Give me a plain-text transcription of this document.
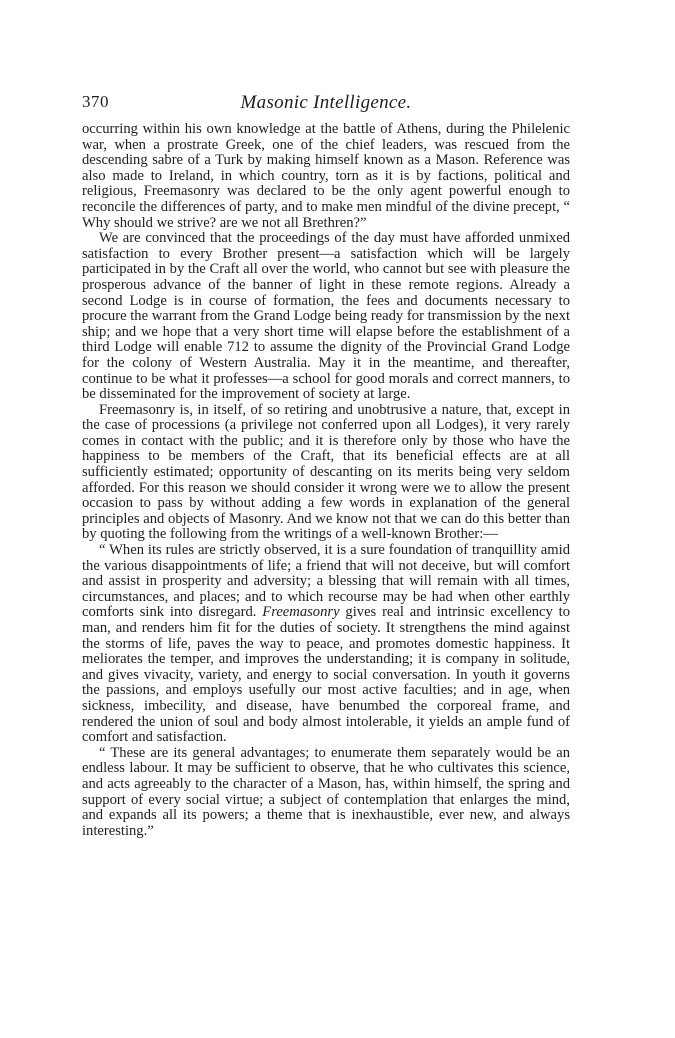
370	Masonic Intelligence.

occurring within his own knowledge at the battle of Athens, during the Philelenic war, when a prostrate Greek, one of the chief leaders, was rescued from the descending sabre of a Turk by making himself known as a Mason. Reference was also made to Ireland, in which country, torn as it is by factions, political and religious, Freemasonry was declared to be the only agent powerful enough to reconcile the differences of party, and to make men mindful of the divine precept, “ Why should we strive? are we not all Brethren?”

We are convinced that the proceedings of the day must have afforded unmixed satisfaction to every Brother present—a satisfaction which will be largely participated in by the Craft all over the world, who cannot but see with pleasure the prosperous advance of the banner of light in these remote regions. Already a second Lodge is in course of formation, the fees and documents necessary to procure the warrant from the Grand Lodge being ready for transmission by the next ship; and we hope that a very short time will elapse before the establishment of a third Lodge will enable 712 to assume the dignity of the Provincial Grand Lodge for the colony of Western Australia. May it in the meantime, and thereafter, continue to be what it professes—a school for good morals and correct manners, to be disseminated for the improvement of society at large.

Freemasonry is, in itself, of so retiring and unobtrusive a nature, that, except in the case of processions (a privilege not conferred upon all Lodges), it very rarely comes in contact with the public; and it is therefore only by those who have the happiness to be members of the Craft, that its beneficial effects are at all sufficiently estimated; opportunity of descanting on its merits being very seldom afforded. For this reason we should consider it wrong were we to allow the present occasion to pass by without adding a few words in explanation of the general principles and objects of Masonry. And we know not that we can do this better than by quoting the following from the writings of a well-known Brother:—

“ When its rules are strictly observed, it is a sure foundation of tranquillity amid the various disappointments of life; a friend that will not deceive, but will comfort and assist in prosperity and adversity; a blessing that will remain with all times, circumstances, and places; and to which recourse may be had when other earthly comforts sink into disregard. Freemasonry gives real and intrinsic excellency to man, and renders him fit for the duties of society. It strengthens the mind against the storms of life, paves the way to peace, and promotes domestic happiness. It meliorates the temper, and improves the understanding; it is company in solitude, and gives vivacity, variety, and energy to social conversation. In youth it governs the passions, and employs usefully our most active faculties; and in age, when sickness, imbecility, and disease, have benumbed the corporeal frame, and rendered the union of soul and body almost intolerable, it yields an ample fund of comfort and satisfaction.

“ These are its general advantages; to enumerate them separately would be an endless labour. It may be sufficient to observe, that he who cultivates this science, and acts agreeably to the character of a Mason, has, within himself, the spring and support of every social virtue; a subject of contemplation that enlarges the mind, and expands all its powers; a theme that is inexhaustible, ever new, and always interesting.”
